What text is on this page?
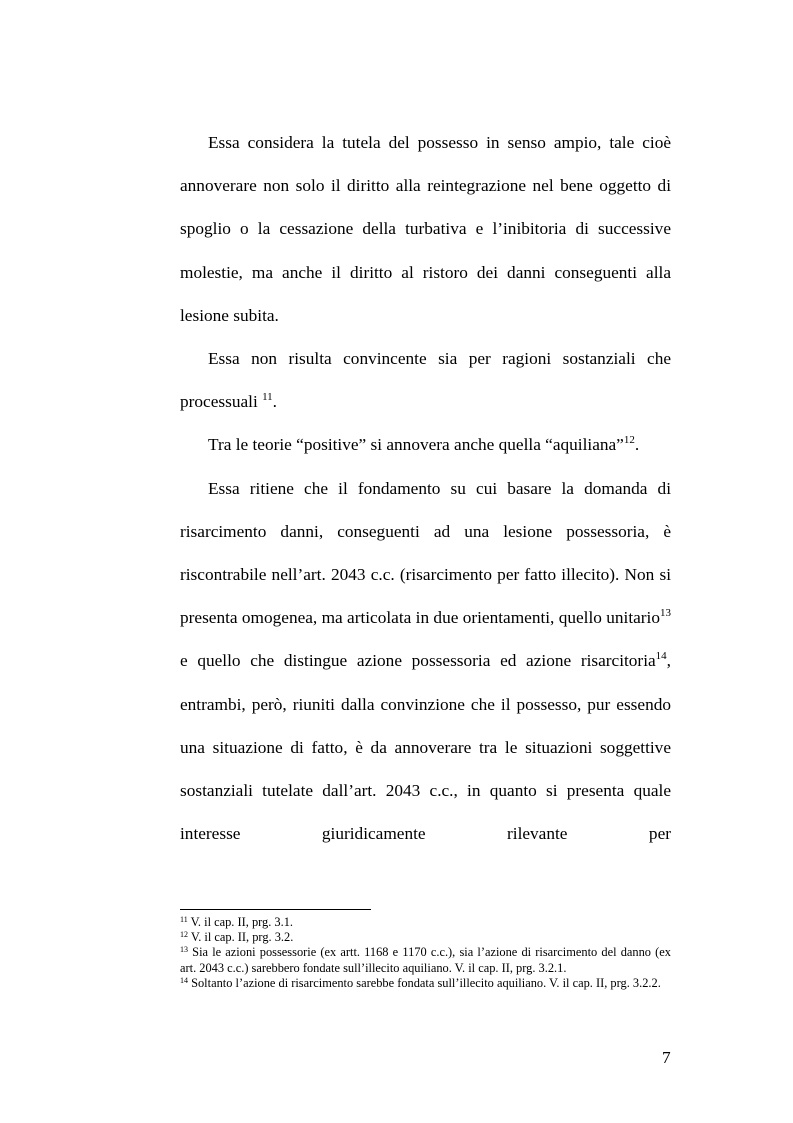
Essa considera la tutela del possesso in senso ampio, tale cioè annoverare non solo il diritto alla reintegrazione nel bene oggetto di spoglio o la cessazione della turbativa e l’inibitoria di successive molestie, ma anche il diritto al ristoro dei danni conseguenti alla lesione subita.

Essa non risulta convincente sia per ragioni sostanziali che processuali $^{11}$.

Tra le teorie “positive” si annovera anche quella “aquiliana”$^{12}$.

Essa ritiene che il fondamento su cui basare la domanda di risarcimento danni, conseguenti ad una lesione possessoria, è riscontrabile nell’art. 2043 c.c. (risarcimento per fatto illecito). Non si presenta omogenea, ma articolata in due orientamenti, quello unitario$^{13}$ e quello che distingue azione possessoria ed azione risarcitoria$^{14}$, entrambi, però, riuniti dalla convinzione che il possesso, pur essendo una situazione di fatto, è da annoverare tra le situazioni soggettive sostanziali tutelate dall’art. 2043 c.c., in quanto si presenta quale interesse giuridicamente rilevante per

$^{11}$ V. il cap. II, prg. 3.1.

$^{12}$ V. il cap. II, prg. 3.2.

$^{13}$ Sia le azioni possessorie (ex artt. 1168 e 1170 c.c.), sia l’azione di risarcimento del danno (ex art. 2043 c.c.) sarebbero fondate sull’illecito aquiliano. V. il cap. II, prg. 3.2.1.

$^{14}$ Soltanto l’azione di risarcimento sarebbe fondata sull’illecito aquiliano. V. il cap. II, prg. 3.2.2.

7
